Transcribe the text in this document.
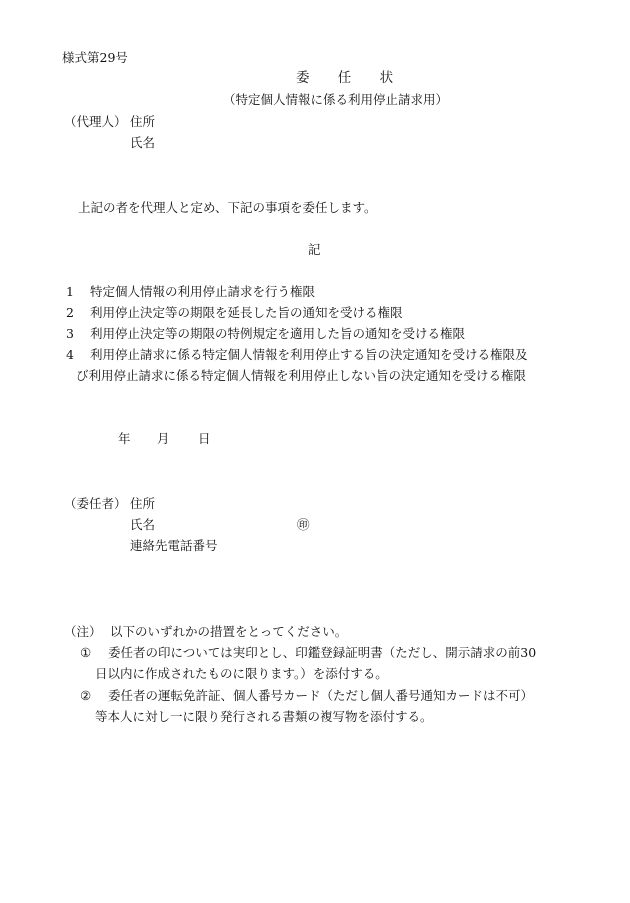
様式第29号
委 任 状
（特定個人情報に係る利用停止請求用）
（代理人） 住所
氏名
上記の者を代理人と定め、下記の事項を委任します。
記
1 特定個人情報の利用停止請求を行う権限
2 利用停止決定等の期限を延長した旨の通知を受ける権限
3 利用停止決定等の期限の特例規定を適用した旨の通知を受ける権限
4 利用停止請求に係る特定個人情報を利用停止する旨の決定通知を受ける権限及
び利用停止請求に係る特定個人情報を利用停止しない旨の決定通知を受ける権限
年 月 日
（委任者） 住所
氏名	㊞
連絡先電話番号
（注） 以下のいずれかの措置をとってください。
① 委任者の印については実印とし、印鑑登録証明書（ただし、開示請求の前30
日以内に作成されたものに限ります。）を添付する。
② 委任者の運転免許証、個人番号カード（ただし個人番号通知カードは不可）
等本人に対し一に限り発行される書類の複写物を添付する。
